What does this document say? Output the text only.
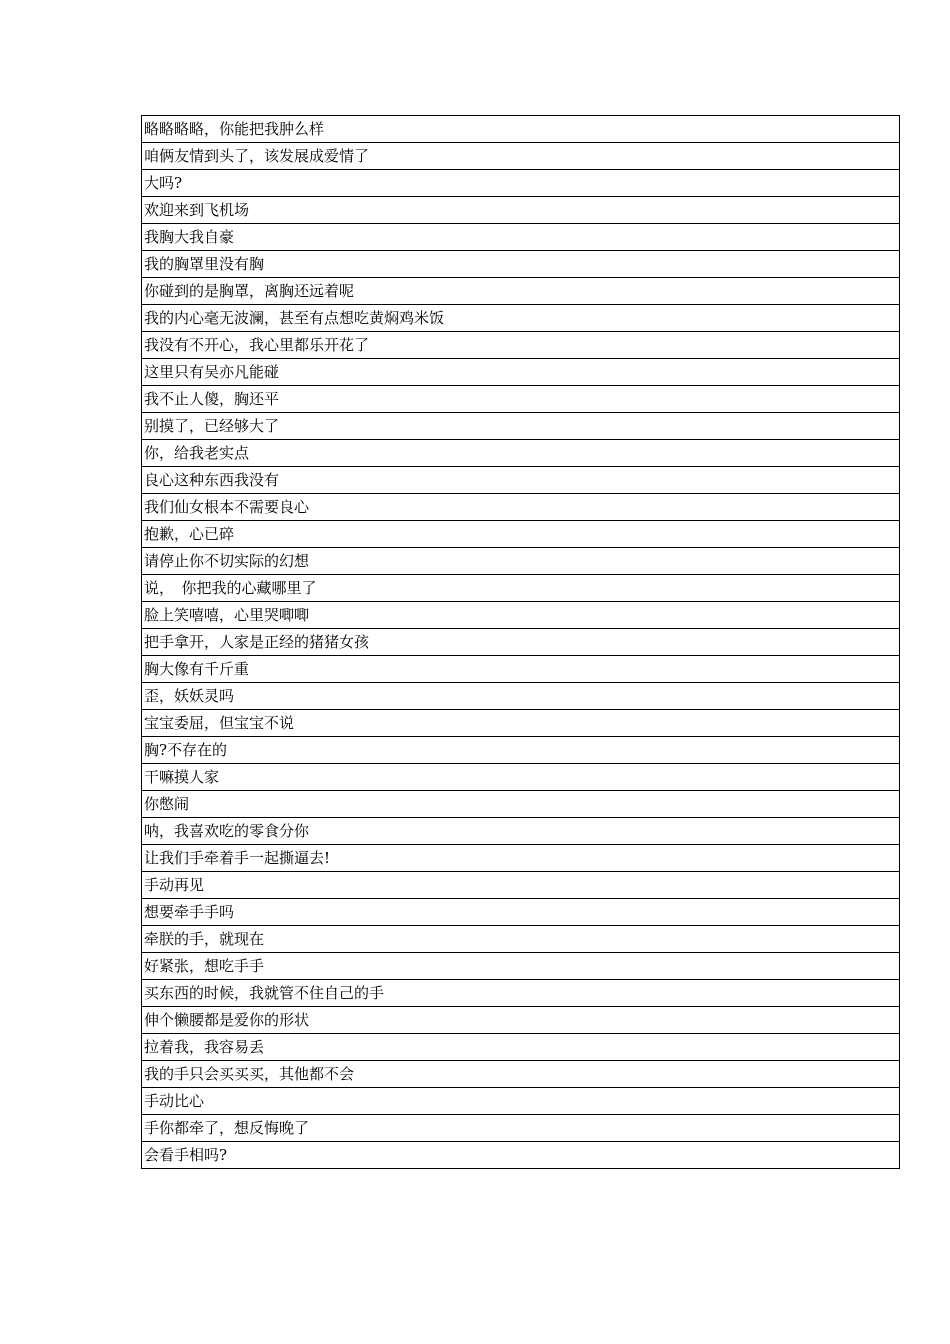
略略略略，你能把我肿么样
咱俩友情到头了，该发展成爱情了
大吗?
欢迎来到飞机场
我胸大我自豪
我的胸罩里没有胸
你碰到的是胸罩，离胸还远着呢
我的内心毫无波澜，甚至有点想吃黄焖鸡米饭
我没有不开心，我心里都乐开花了
这里只有吴亦凡能碰
我不止人傻，胸还平
别摸了，已经够大了
你，给我老实点
良心这种东西我没有
我们仙女根本不需要良心
抱歉，心已碎
请停止你不切实际的幻想
说，　你把我的心藏哪里了
脸上笑嘻嘻，心里哭唧唧
把手拿开，人家是正经的猪猪女孩
胸大像有千斤重
歪，妖妖灵吗
宝宝委屈，但宝宝不说
胸?不存在的
干嘛摸人家
你憋闹
呐，我喜欢吃的零食分你
让我们手牵着手一起撕逼去!
手动再见
想要牵手手吗
牵朕的手，就现在
好紧张，想吃手手
买东西的时候，我就管不住自己的手
伸个懒腰都是爱你的形状
拉着我，我容易丢
我的手只会买买买，其他都不会
手动比心
手你都牵了，想反悔晚了
会看手相吗?
